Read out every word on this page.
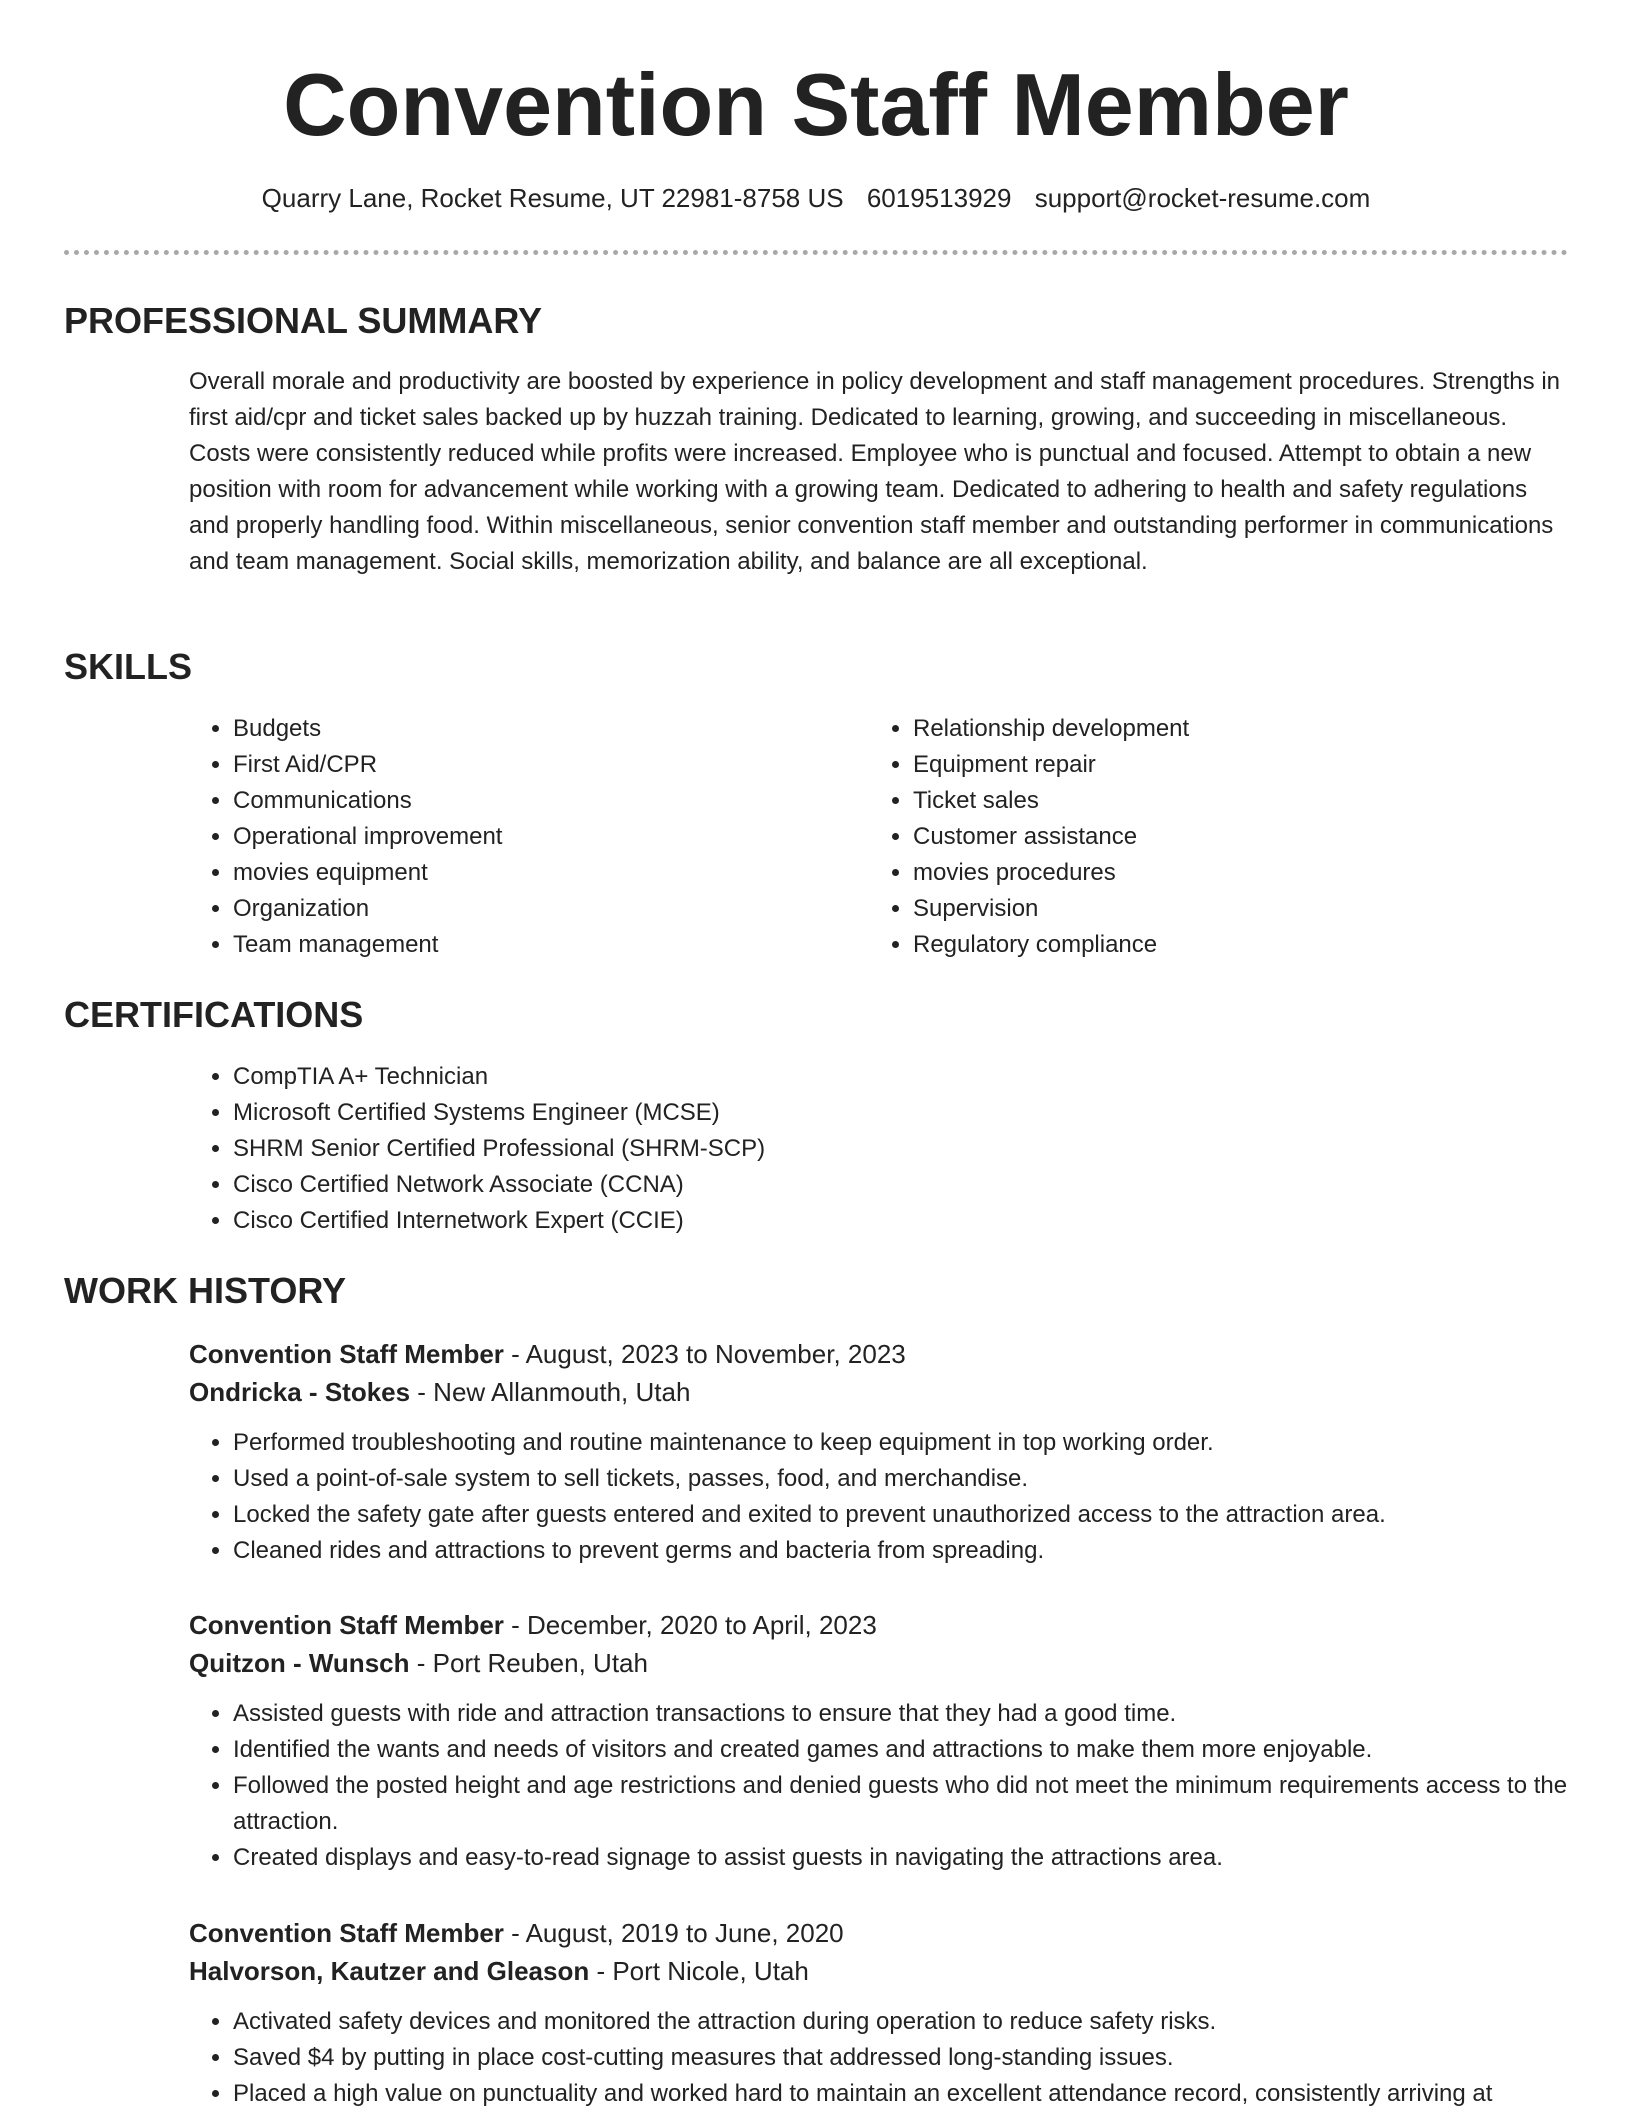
Convention Staff Member
Quarry Lane, Rocket Resume, UT 22981-8758 US 6019513929 support@rocket-resume.com
PROFESSIONAL SUMMARY

Overall morale and productivity are boosted by experience in policy development and staff management procedures. Strengths in first aid/cpr and ticket sales backed up by huzzah training. Dedicated to learning, growing, and succeeding in miscellaneous. Costs were consistently reduced while profits were increased. Employee who is punctual and focused. Attempt to obtain a new position with room for advancement while working with a growing team. Dedicated to adhering to health and safety regulations and properly handling food. Within miscellaneous, senior convention staff member and outstanding performer in communications and team management. Social skills, memorization ability, and balance are all exceptional.

SKILLS
• Budgets
• First Aid/CPR
• Communications
• Operational improvement
• movies equipment
• Organization
• Team management
• Relationship development
• Equipment repair
• Ticket sales
• Customer assistance
• movies procedures
• Supervision
• Regulatory compliance
CERTIFICATIONS
• CompTIA A+ Technician
• Microsoft Certified Systems Engineer (MCSE)
• SHRM Senior Certified Professional (SHRM-SCP)
• Cisco Certified Network Associate (CCNA)
• Cisco Certified Internetwork Expert (CCIE)
WORK HISTORY

Convention Staff Member - August, 2023 to November, 2023

Ondricka - Stokes - New Allanmouth, Utah

• Performed troubleshooting and routine maintenance to keep equipment in top working order.
• Used a point-of-sale system to sell tickets, passes, food, and merchandise.
• Locked the safety gate after guests entered and exited to prevent unauthorized access to the attraction area.
• Cleaned rides and attractions to prevent germs and bacteria from spreading.

Convention Staff Member - December, 2020 to April, 2023

Quitzon - Wunsch - Port Reuben, Utah

• Assisted guests with ride and attraction transactions to ensure that they had a good time.
• Identified the wants and needs of visitors and created games and attractions to make them more enjoyable.
• Followed the posted height and age restrictions and denied guests who did not meet the minimum requirements access to the attraction.
• Created displays and easy-to-read signage to assist guests in navigating the attractions area.

Convention Staff Member - August, 2019 to June, 2020

Halvorson, Kautzer and Gleason - Port Nicole, Utah

• Activated safety devices and monitored the attraction during operation to reduce safety risks.
• Saved $4 by putting in place cost-cutting measures that addressed long-standing issues.
• Placed a high value on punctuality and worked hard to maintain an excellent attendance record, consistently arriving at
